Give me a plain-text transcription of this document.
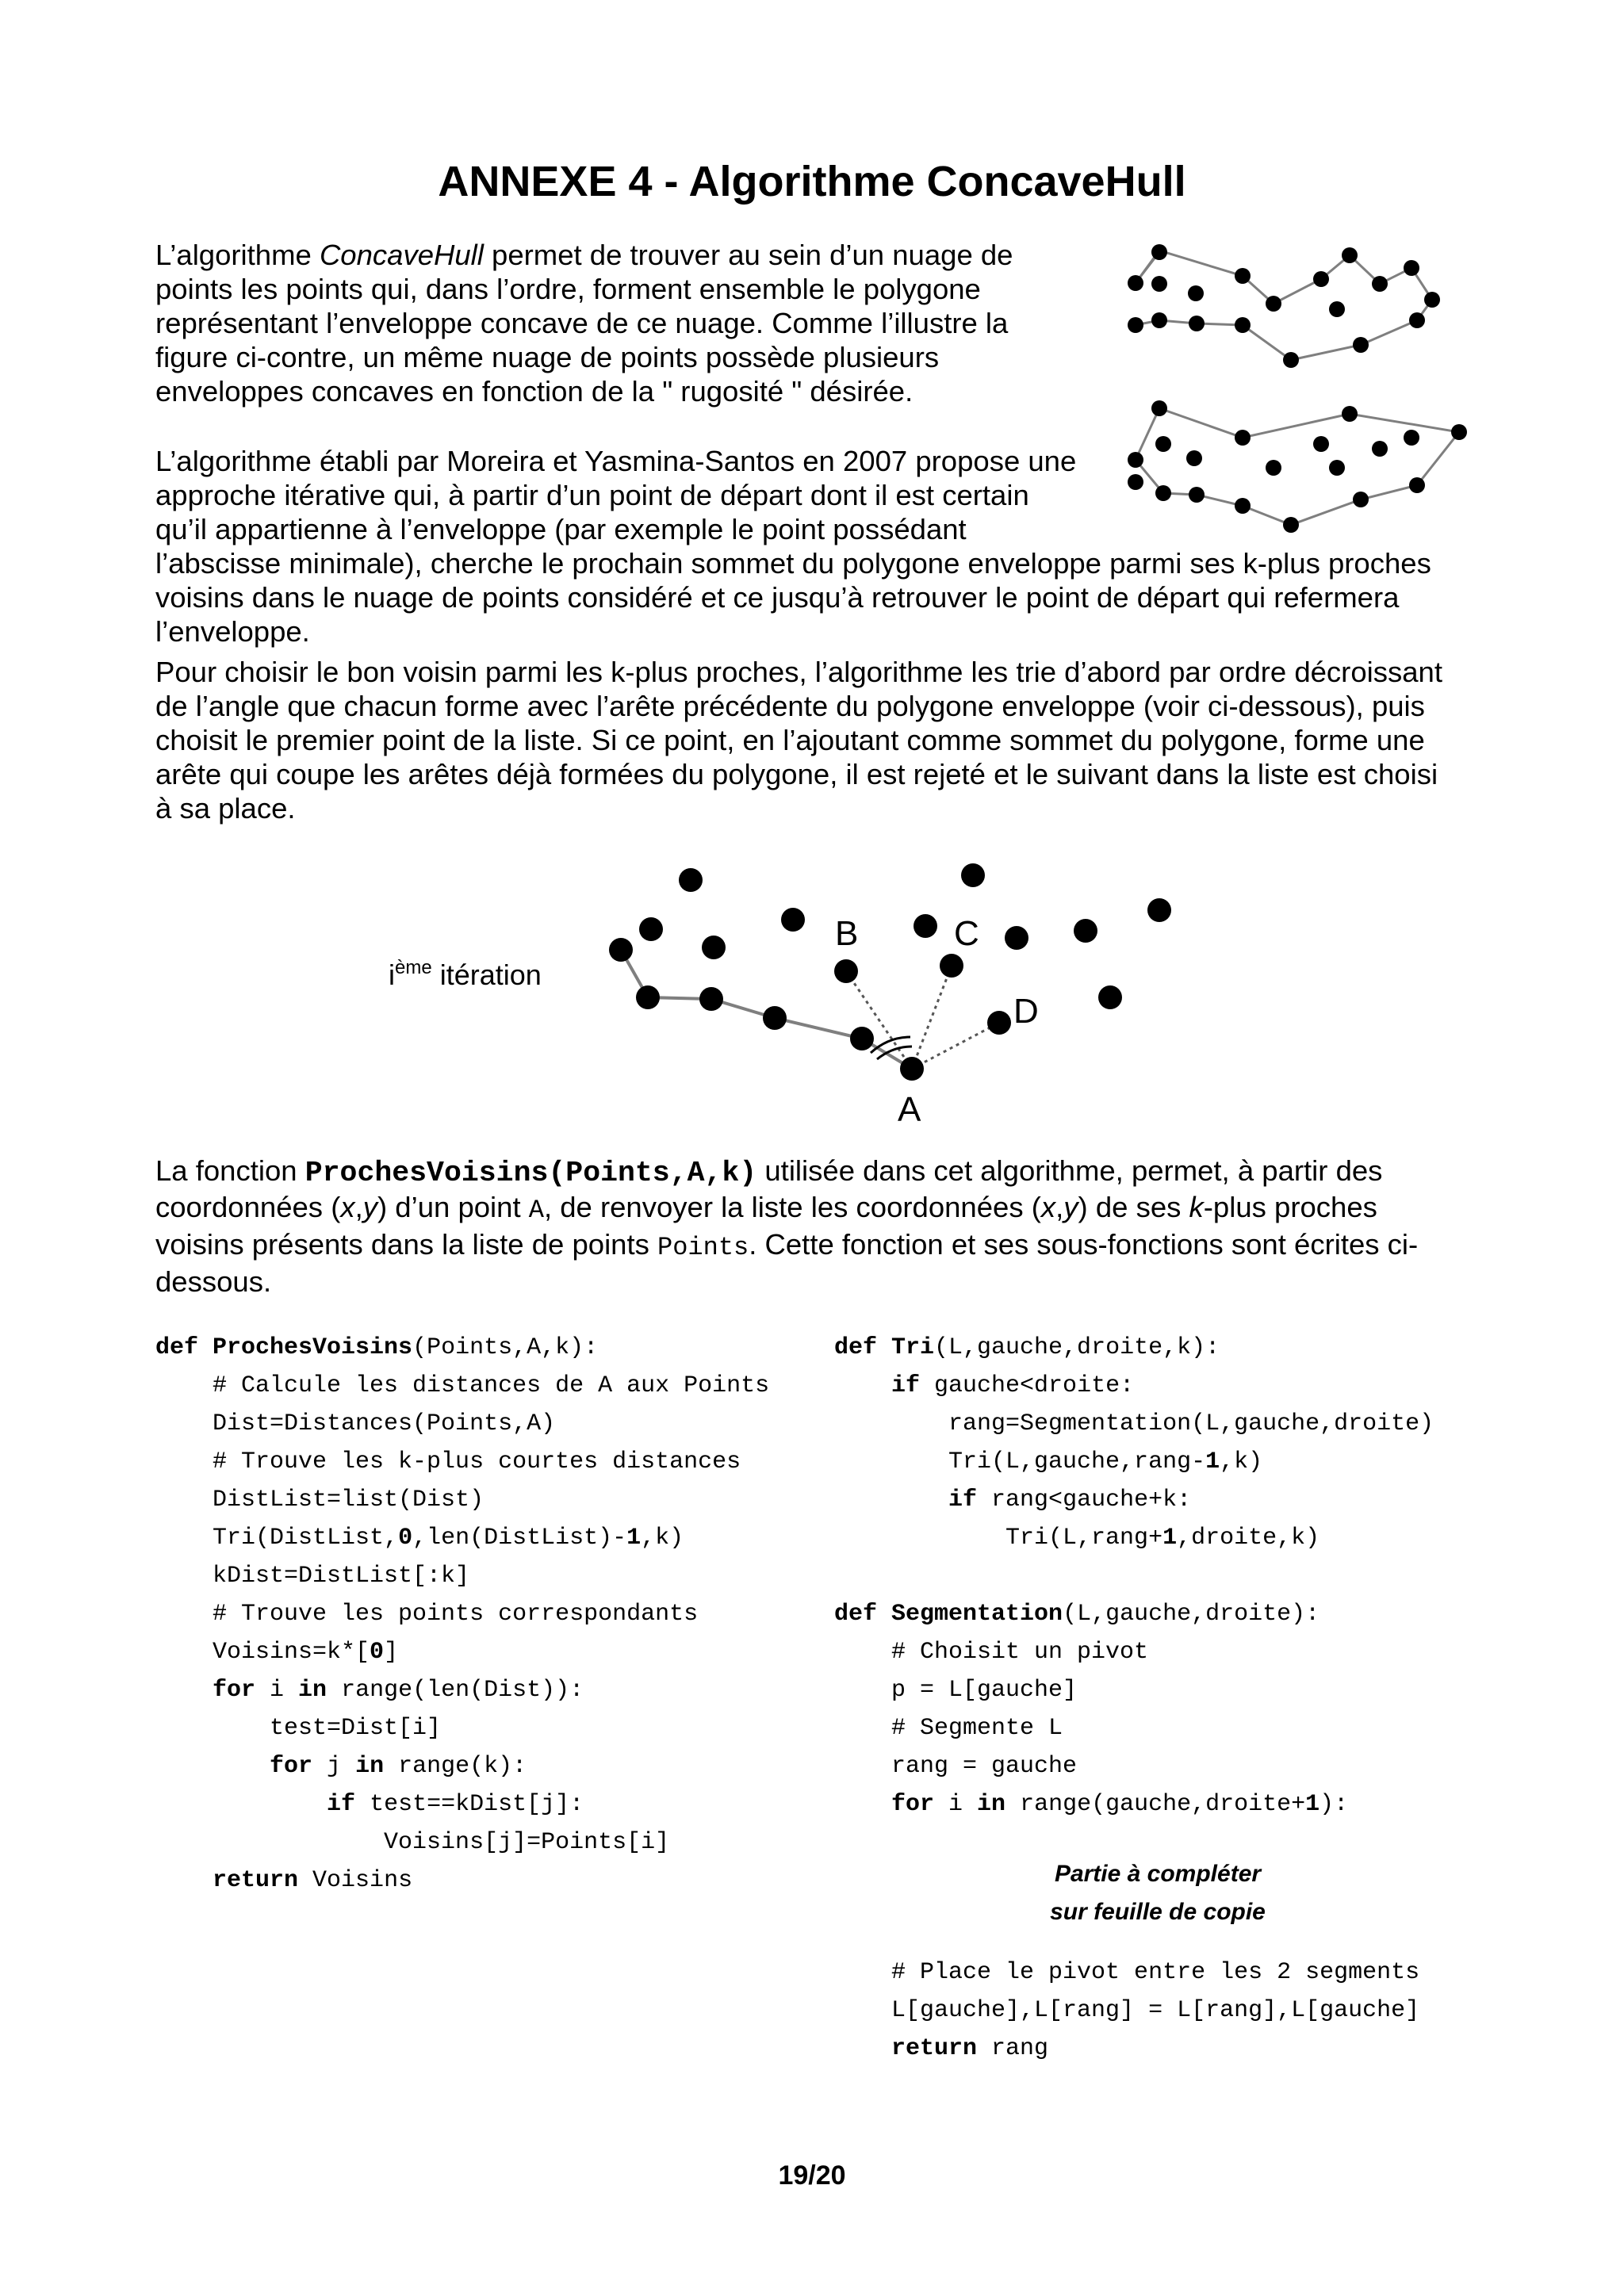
ANNEXE 4 - Algorithme ConcaveHull
L’algorithme ConcaveHull permet de trouver au sein d’un nuage de
points les points qui, dans l’ordre, forment ensemble le polygone
représentant l’enveloppe concave de ce nuage. Comme l’illustre la
figure ci-contre, un même nuage de points possède plusieurs
enveloppes concaves en fonction de la " rugosité " désirée.
L’algorithme établi par Moreira et Yasmina-Santos en 2007 propose une
approche itérative qui, à partir d’un point de départ dont il est certain
qu’il appartienne à l’enveloppe (par exemple le point possédant
l’abscisse minimale), cherche le prochain sommet du polygone enveloppe parmi ses k-plus proches
voisins dans le nuage de points considéré et ce jusqu’à retrouver le point de départ qui refermera
l’enveloppe.
Pour choisir le bon voisin parmi les k-plus proches, l’algorithme les trie d’abord par ordre décroissant
de l’angle que chacun forme avec l’arête précédente du polygone enveloppe (voir ci-dessous), puis
choisit le premier point de la liste. Si ce point, en l’ajoutant comme sommet du polygone, forme une
arête qui coupe les arêtes déjà formées du polygone, il est rejeté et le suivant dans la liste est choisi
à sa place.
$i^{ème}$ itération
B	C
D
A
La fonction ProchesVoisins(Points,A,k) utilisée dans cet algorithme, permet, à partir des
coordonnées (x,y) d’un point A, de renvoyer la liste les coordonnées (x,y) de ses k-plus proches
voisins présents dans la liste de points Points. Cette fonction et ses sous-fonctions sont écrites ci-
dessous.
def ProchesVoisins(Points,A,k):
# Calcule les distances de A aux Points
Dist=Distances(Points,A)
# Trouve les k-plus courtes distances
DistList=list(Dist)
Tri(DistList,0,len(DistList)-1,k)
kDist=DistList[:k]
# Trouve les points correspondants
Voisins=k*[0]
for i in range(len(Dist)):
test=Dist[i]
for j in range(k):
if test==kDist[j]:
Voisins[j]=Points[i]
return Voisins
def Tri(L,gauche,droite,k):
if gauche<droite:
rang=Segmentation(L,gauche,droite)
Tri(L,gauche,rang-1,k)
if rang<gauche+k:
Tri(L,rang+1,droite,k)
def Segmentation(L,gauche,droite):
# Choisit un pivot
p = L[gauche]
# Segmente L
rang = gauche
for i in range(gauche,droite+1):
Partie à compléter
sur feuille de copie
# Place le pivot entre les 2 segments
L[gauche],L[rang] = L[rang],L[gauche]
return rang
19/20
